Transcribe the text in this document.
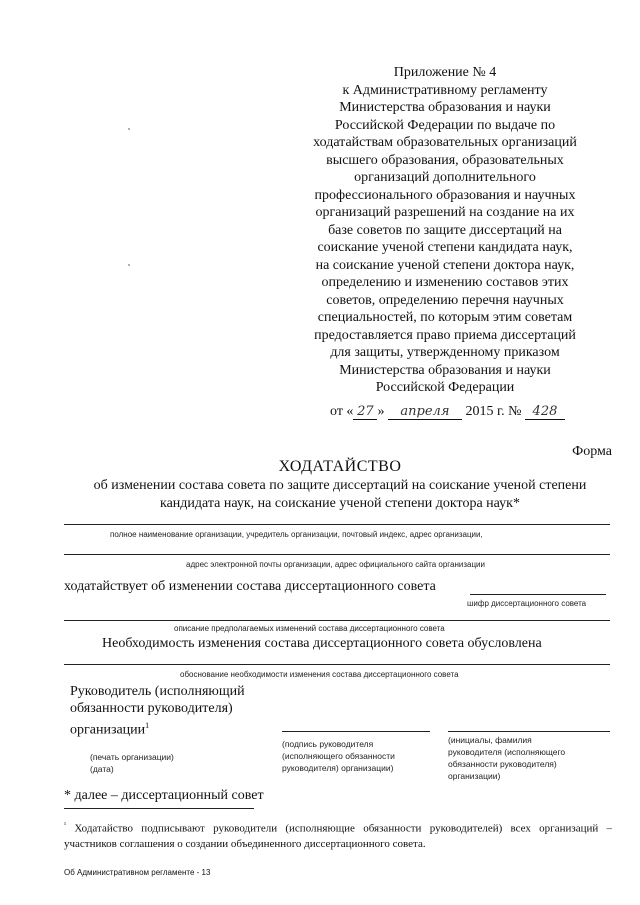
Приложение № 4
к Административному регламенту
Министерства образования и науки
Российской Федерации по выдаче по
ходатайствам образовательных организаций
высшего образования, образовательных
организаций дополнительного
профессионального образования и научных
организаций разрешений на создание на их
базе советов по защите диссертаций на
соискание ученой степени кандидата наук,
на соискание ученой степени доктора наук,
определению и изменению составов этих
советов, определению перечня научных
специальностей, по которым этим советам
предоставляется право приема диссертаций
для защиты, утвержденному приказом
Министерства образования и науки
Российской Федерации
от « 27 » апреля 2015 г. № 428
Форма
ХОДАТАЙСТВО
об изменении состава совета по защите диссертаций на соискание ученой степени
кандидата наук, на соискание ученой степени доктора наук*
полное наименование организации, учредитель организации, почтовый индекс, адрес организации,
адрес электронной почты организации, адрес официального сайта организации
ходатайствует об изменении состава диссертационного совета
шифр диссертационного совета
описание предполагаемых изменений состава диссертационного совета
Необходимость изменения состава диссертационного совета обусловлена
обоснование необходимости изменения состава диссертационного совета
Руководитель (исполняющий
обязанности руководителя)
организации$^1$
(печать организации)
(дата)
(подпись руководителя
(исполняющего обязанности
руководителя) организации)
(инициалы, фамилия
руководителя (исполняющего
обязанности руководителя)
организации)
* далее – диссертационный совет
$^{^1}$ Ходатайство подписывают руководители (исполняющие обязанности руководителей) всех организаций – участников соглашения о создании объединенного диссертационного совета.
Об Административном регламенте - 13
